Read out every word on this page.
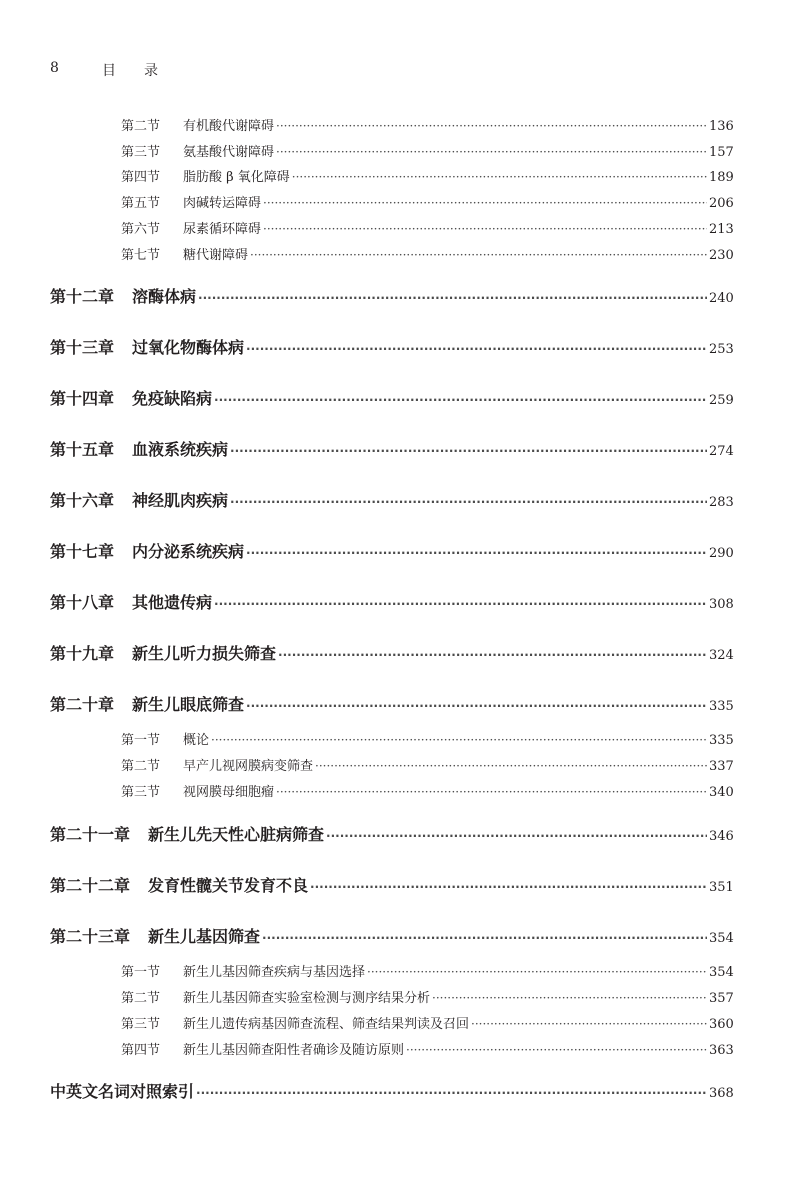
8	目　　录
第二节	有机酸代谢障碍 ·····	136
第三节	氨基酸代谢障碍 ·····	157
第四节	脂肪酸 β 氧化障碍 ·····	189
第五节	肉碱转运障碍 ·····	206
第六节	尿素循环障碍 ·····	213
第七节	糖代谢障碍 ·····	230
第十二章 溶酶体病 ·····	240
第十三章 过氧化物酶体病 ·····	253
第十四章 免疫缺陷病 ·····	259
第十五章 血液系统疾病 ·····	274
第十六章 神经肌肉疾病 ·····	283
第十七章 内分泌系统疾病 ·····	290
第十八章 其他遗传病 ·····	308
第十九章 新生儿听力损失筛查 ·····	324
第二十章 新生儿眼底筛查 ·····	335
第一节	概论 ·····	335
第二节	早产儿视网膜病变筛查 ·····	337
第三节	视网膜母细胞瘤 ·····	340
第二十一章 新生儿先天性心脏病筛查 ·····	346
第二十二章 发育性髋关节发育不良 ·····	351
第二十三章 新生儿基因筛查 ·····	354
第一节	新生儿基因筛查疾病与基因选择 ·····	354
第二节	新生儿基因筛查实验室检测与测序结果分析 ·····	357
第三节	新生儿遗传病基因筛查流程、筛查结果判读及召回 ·····	360
第四节	新生儿基因筛查阳性者确诊及随访原则 ·····	363
中英文名词对照索引 ·····	368
